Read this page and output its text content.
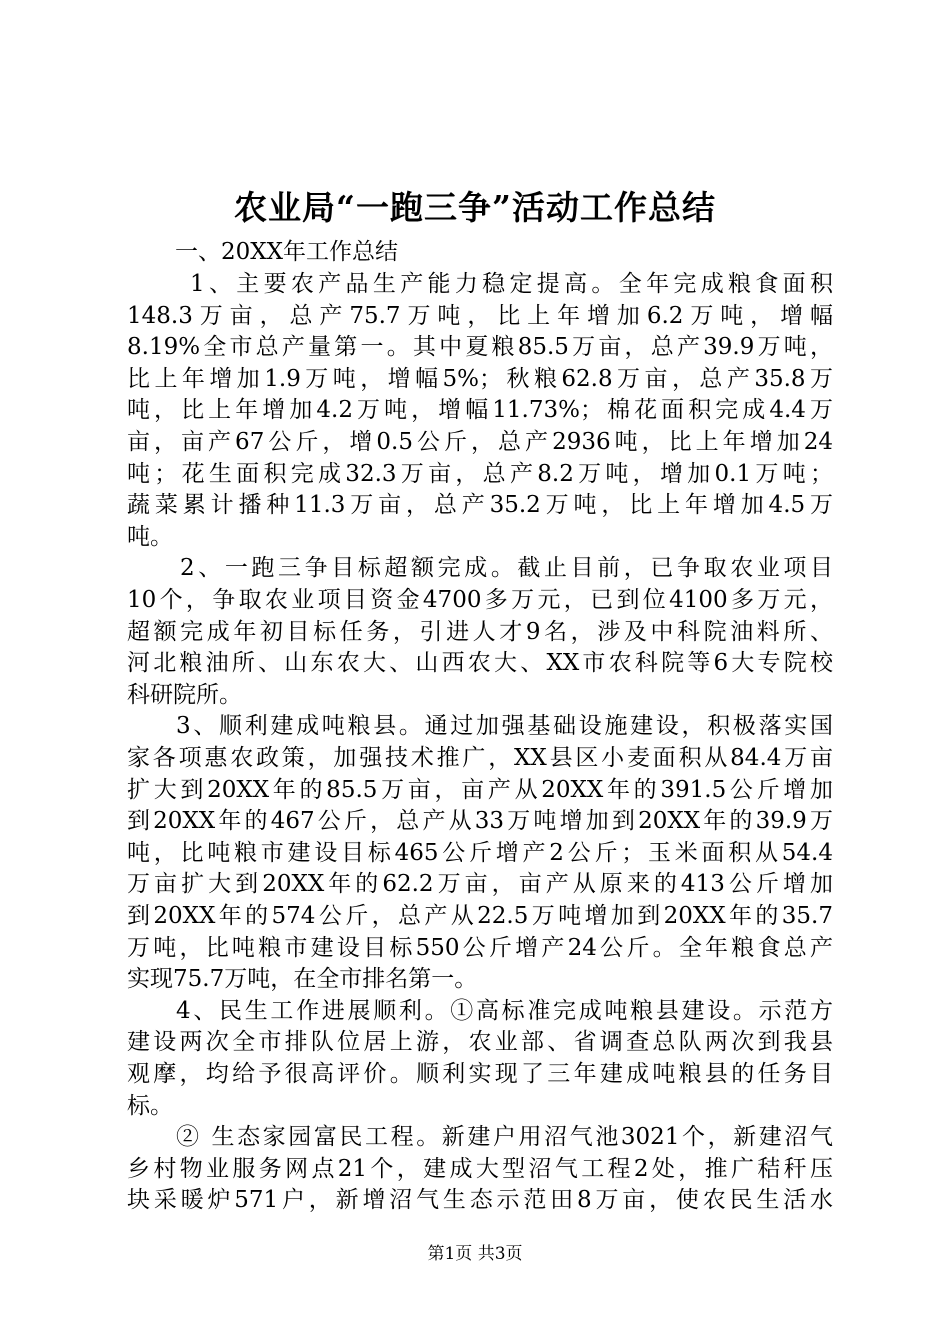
农业局“一跑三争”活动工作总结
一、20XX年工作总结
1、主要农产品生产能力稳定提高。全年完成粮食面积
148.3万亩，总产75.7万吨，比上年增加6.2万吨，增幅
8.19%全市总产量第一。其中夏粮85.5万亩，总产39.9万吨，
比上年增加1.9万吨，增幅5%；秋粮62.8万亩，总产35.8万
吨，比上年增加4.2万吨，增幅11.73%；棉花面积完成4.4万
亩，亩产67公斤，增0.5公斤，总产2936吨，比上年增加24
吨；花生面积完成32.3万亩，总产8.2万吨，增加0.1万吨；
蔬菜累计播种11.3万亩，总产35.2万吨，比上年增加4.5万
吨。
2、一跑三争目标超额完成。截止目前，已争取农业项目
10个，争取农业项目资金4700多万元，已到位4100多万元，
超额完成年初目标任务，引进人才9名，涉及中科院油料所、
河北粮油所、山东农大、山西农大、XX市农科院等6大专院校
科研院所。
3、顺利建成吨粮县。通过加强基础设施建设，积极落实国
家各项惠农政策，加强技术推广，XX县区小麦面积从84.4万亩
扩大到20XX年的85.5万亩，亩产从20XX年的391.5公斤增加
到20XX年的467公斤，总产从33万吨增加到20XX年的39.9万
吨，比吨粮市建设目标465公斤增产2公斤；玉米面积从54.4
万亩扩大到20XX年的62.2万亩，亩产从原来的413公斤增加
到20XX年的574公斤，总产从22.5万吨增加到20XX年的35.7
万吨，比吨粮市建设目标550公斤增产24公斤。全年粮食总产
实现75.7万吨，在全市排名第一。
4、民生工作进展顺利。①高标准完成吨粮县建设。示范方
建设两次全市排队位居上游，农业部、省调查总队两次到我县
观摩，均给予很高评价。顺利实现了三年建成吨粮县的任务目
标。
② 生态家园富民工程。新建户用沼气池3021个，新建沼气
乡村物业服务网点21个，建成大型沼气工程2处，推广秸秆压
块采暖炉571户，新增沼气生态示范田8万亩，使农民生活水
第1页 共3页
